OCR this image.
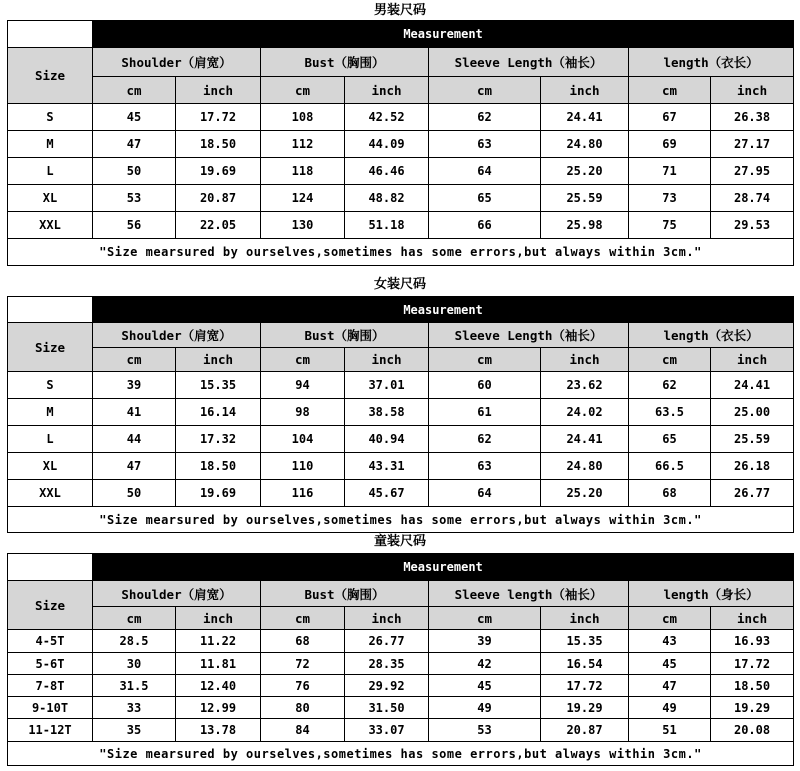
男装尺码
	Measurement							
Size	Shoulder（肩宽）		Bust（胸围）		Sleeve Length（袖长）		length（衣长）	
	cm	inch	cm	inch	cm	inch	cm	inch
S	45	17.72	108	42.52	62	24.41	67	26.38
M	47	18.50	112	44.09	63	24.80	69	27.17
L	50	19.69	118	46.46	64	25.20	71	27.95
XL	53	20.87	124	48.82	65	25.59	73	28.74
XXL	56	22.05	130	51.18	66	25.98	75	29.53
"Size mearsured by ourselves,sometimes has some errors,but always within 3cm."								
女装尺码
	Measurement							
Size	Shoulder（肩宽）		Bust（胸围）		Sleeve Length（袖长）		length（衣长）	
	cm	inch	cm	inch	cm	inch	cm	inch
S	39	15.35	94	37.01	60	23.62	62	24.41
M	41	16.14	98	38.58	61	24.02	63.5	25.00
L	44	17.32	104	40.94	62	24.41	65	25.59
XL	47	18.50	110	43.31	63	24.80	66.5	26.18
XXL	50	19.69	116	45.67	64	25.20	68	26.77
"Size mearsured by ourselves,sometimes has some errors,but always within 3cm."								
童装尺码
	Measurement							
Size	Shoulder（肩宽）		Bust（胸围）		Sleeve length（袖长）		length（身长）	
	cm	inch	cm	inch	cm	inch	cm	inch
4-5T	28.5	11.22	68	26.77	39	15.35	43	16.93
5-6T	30	11.81	72	28.35	42	16.54	45	17.72
7-8T	31.5	12.40	76	29.92	45	17.72	47	18.50
9-10T	33	12.99	80	31.50	49	19.29	49	19.29
11-12T	35	13.78	84	33.07	53	20.87	51	20.08
"Size mearsured by ourselves,sometimes has some errors,but always within 3cm."								
